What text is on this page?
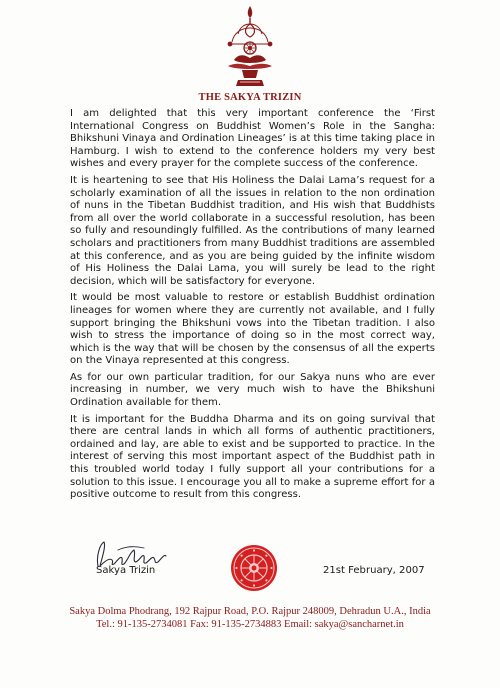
THE SAKYA TRIZIN

I am delighted that this very important conference the ‘First International Congress on Buddhist Women’s Role in the Sangha: Bhikshuni Vinaya and Ordination Lineages’ is at this time taking place in Hamburg. I wish to extend to the conference holders my very best wishes and every prayer for the complete success of the conference.

It is heartening to see that His Holiness the Dalai Lama’s request for a scholarly examination of all the issues in relation to the non ordination of nuns in the Tibetan Buddhist tradition, and His wish that Buddhists from all over the world collaborate in a successful resolution, has been so fully and resoundingly fulfilled. As the contributions of many learned scholars and practitioners from many Buddhist traditions are assembled at this conference, and as you are being guided by the infinite wisdom of His Holiness the Dalai Lama, you will surely be lead to the right decision, which will be satisfactory for everyone.

It would be most valuable to restore or establish Buddhist ordination lineages for women where they are currently not available, and I fully support bringing the Bhikshuni vows into the Tibetan tradition. I also wish to stress the importance of doing so in the most correct way, which is the way that will be chosen by the consensus of all the experts on the Vinaya represented at this congress.

As for our own particular tradition, for our Sakya nuns who are ever increasing in number, we very much wish to have the Bhikshuni Ordination available for them.

It is important for the Buddha Dharma and its on going survival that there are central lands in which all forms of authentic practitioners, ordained and lay, are able to exist and be supported to practice. In the interest of serving this most important aspect of the Buddhist path in this troubled world today I fully support all your contributions for a solution to this issue. I encourage you all to make a supreme effort for a positive outcome to result from this congress.

Sakya Trizin	21st February, 2007
Sakya Dolma Phodrang, 192 Rajpur Road, P.O. Rajpur 248009, Dehradun U.A., India
Tel.: 91-135-2734081 Fax: 91-135-2734883 Email: sakya@sancharnet.in
